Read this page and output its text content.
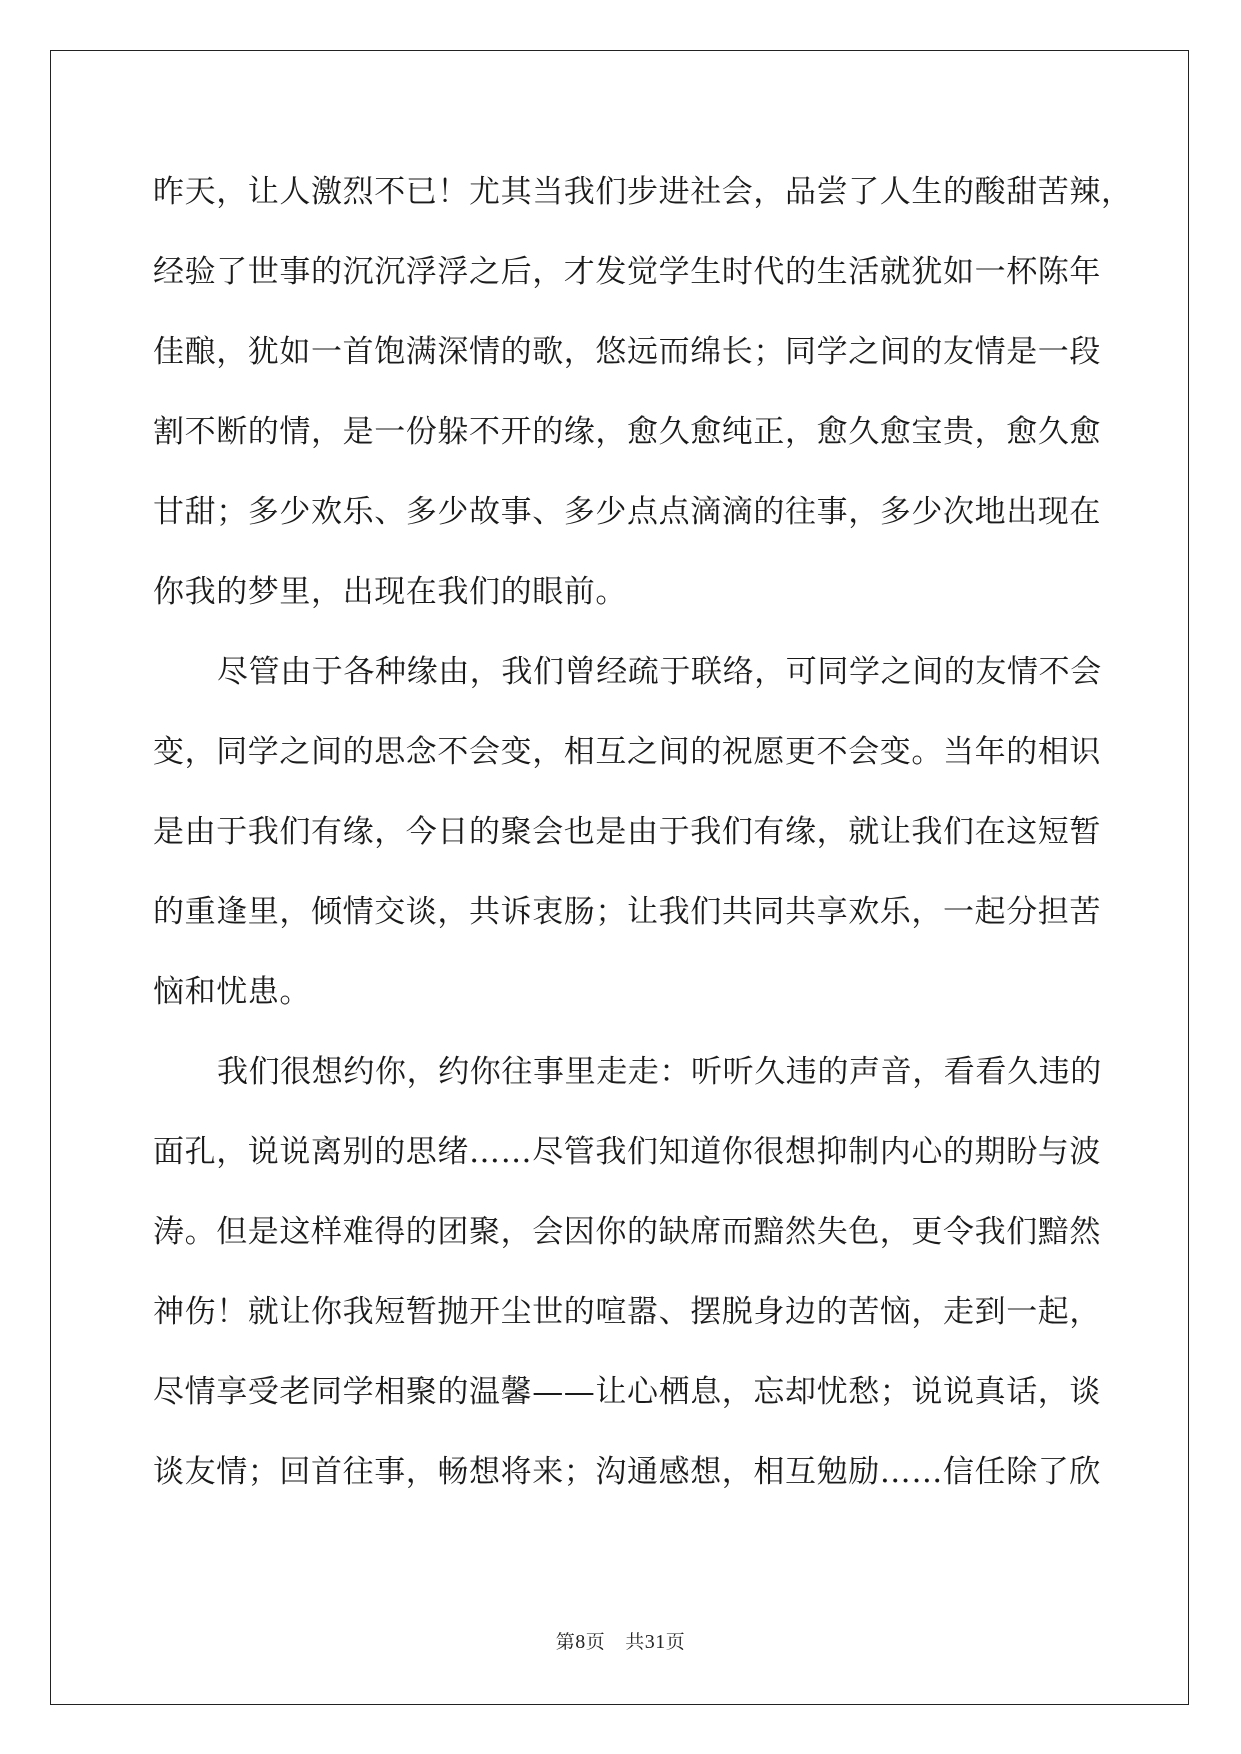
昨天，让人激烈不已！尤其当我们步进社会，品尝了人生的酸甜苦辣，
经验了世事的沉沉浮浮之后，才发觉学生时代的生活就犹如一杯陈年
佳酿，犹如一首饱满深情的歌，悠远而绵长；同学之间的友情是一段
割不断的情，是一份躲不开的缘，愈久愈纯正，愈久愈宝贵，愈久愈
甘甜；多少欢乐、多少故事、多少点点滴滴的往事，多少次地出现在
你我的梦里，出现在我们的眼前。
尽管由于各种缘由，我们曾经疏于联络，可同学之间的友情不会
变，同学之间的思念不会变，相互之间的祝愿更不会变。当年的相识
是由于我们有缘，今日的聚会也是由于我们有缘，就让我们在这短暂
的重逢里，倾情交谈，共诉衷肠；让我们共同共享欢乐，一起分担苦
恼和忧患。
我们很想约你，约你往事里走走：听听久违的声音，看看久违的
面孔，说说离别的思绪……尽管我们知道你很想抑制内心的期盼与波
涛。但是这样难得的团聚，会因你的缺席而黯然失色，更令我们黯然
神伤！就让你我短暂抛开尘世的喧嚣、摆脱身边的苦恼，走到一起，
尽情享受老同学相聚的温馨——让心栖息，忘却忧愁；说说真话，谈
谈友情；回首往事，畅想将来；沟通感想，相互勉励……信任除了欣
第8页 共31页
